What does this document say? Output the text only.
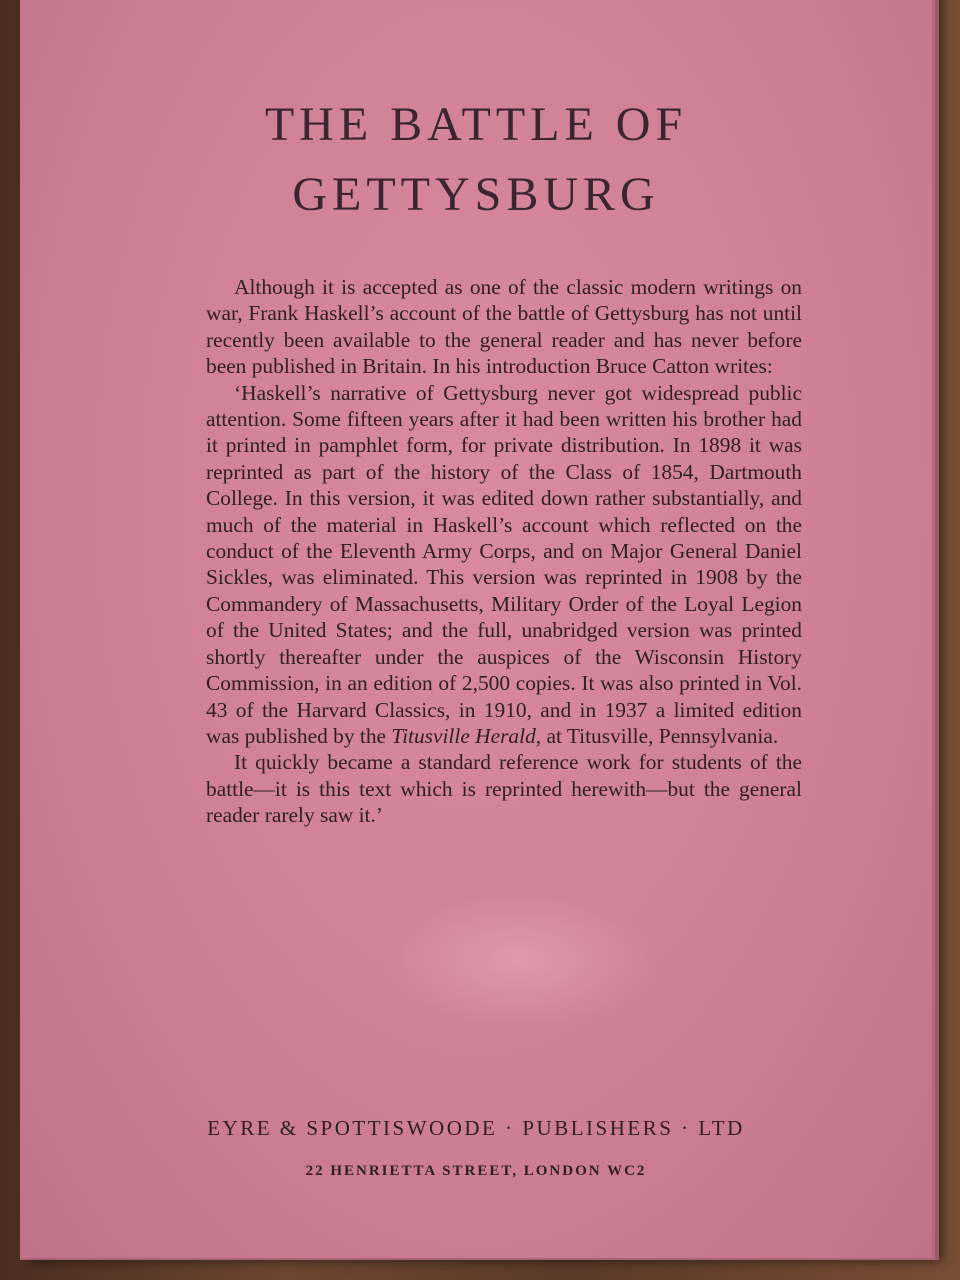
THE BATTLE OF
GETTYSBURG

Although it is accepted as one of the classic modern writings on war, Frank Haskell’s account of the battle of Gettysburg has not until recently been available to the general reader and has never before been published in Britain. In his introduction Bruce Catton writes:

‘Haskell’s narrative of Gettysburg never got widespread public attention. Some fifteen years after it had been written his brother had it printed in pamphlet form, for private distribution. In 1898 it was reprinted as part of the history of the Class of 1854, Dartmouth College. In this version, it was edited down rather substantially, and much of the material in Haskell’s account which reflected on the conduct of the Eleventh Army Corps, and on Major General Daniel Sickles, was eliminated. This version was reprinted in 1908 by the Commandery of Massachusetts, Military Order of the Loyal Legion of the United States; and the full, unabridged version was printed shortly thereafter under the auspices of the Wisconsin History Commission, in an edition of 2,500 copies. It was also printed in Vol. 43 of the Harvard Classics, in 1910, and in 1937 a limited edition was published by the Titusville Herald, at Titusville, Pennsylvania.

It quickly became a standard reference work for students of the battle—it is this text which is reprinted herewith—but the general reader rarely saw it.’

EYRE & SPOTTISWOODE · PUBLISHERS · LTD

22 HENRIETTA STREET, LONDON WC2
